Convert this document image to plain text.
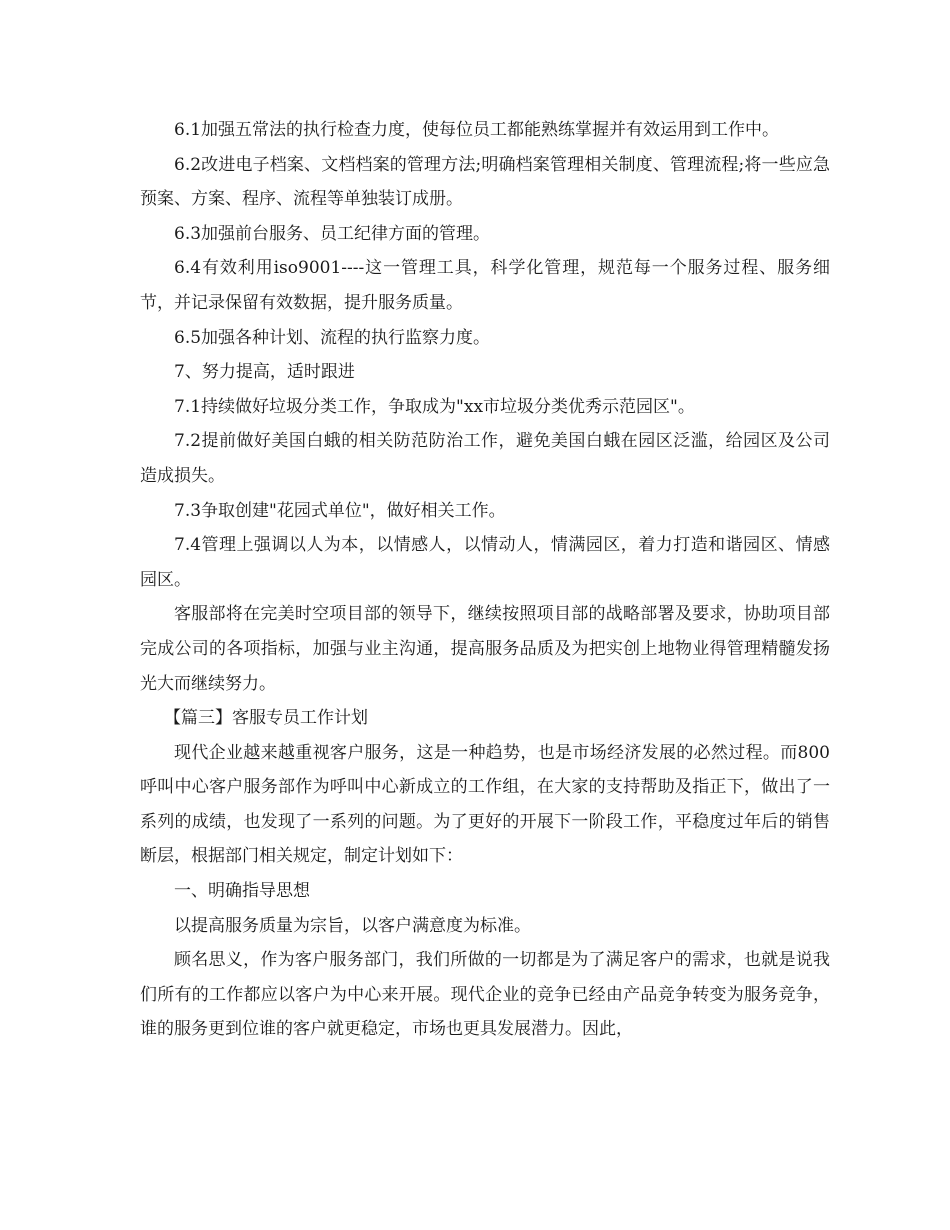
6.1加强五常法的执行检查力度，使每位员工都能熟练掌握并有效运用到工作中。

6.2改进电子档案、文档档案的管理方法;明确档案管理相关制度、管理流程;将一些应急预案、方案、程序、流程等单独装订成册。

6.3加强前台服务、员工纪律方面的管理。

6.4有效利用iso9001----这一管理工具，科学化管理，规范每一个服务过程、服务细节，并记录保留有效数据，提升服务质量。

6.5加强各种计划、流程的执行监察力度。

7、努力提高，适时跟进

7.1持续做好垃圾分类工作，争取成为"xx市垃圾分类优秀示范园区"。

7.2提前做好美国白蛾的相关防范防治工作，避免美国白蛾在园区泛滥，给园区及公司造成损失。

7.3争取创建"花园式单位"，做好相关工作。

7.4管理上强调以人为本，以情感人，以情动人，情满园区，着力打造和谐园区、情感园区。

客服部将在完美时空项目部的领导下，继续按照项目部的战略部署及要求，协助项目部完成公司的各项指标，加强与业主沟通，提高服务品质及为把实创上地物业得管理精髓发扬光大而继续努力。

【篇三】客服专员工作计划

现代企业越来越重视客户服务，这是一种趋势，也是市场经济发展的必然过程。而800呼叫中心客户服务部作为呼叫中心新成立的工作组，在大家的支持帮助及指正下，做出了一系列的成绩，也发现了一系列的问题。为了更好的开展下一阶段工作，平稳度过年后的销售断层，根据部门相关规定，制定计划如下：

一、明确指导思想

以提高服务质量为宗旨，以客户满意度为标准。

顾名思义，作为客户服务部门，我们所做的一切都是为了满足客户的需求，也就是说我们所有的工作都应以客户为中心来开展。现代企业的竞争已经由产品竞争转变为服务竞争，谁的服务更到位谁的客户就更稳定，市场也更具发展潜力。因此，
